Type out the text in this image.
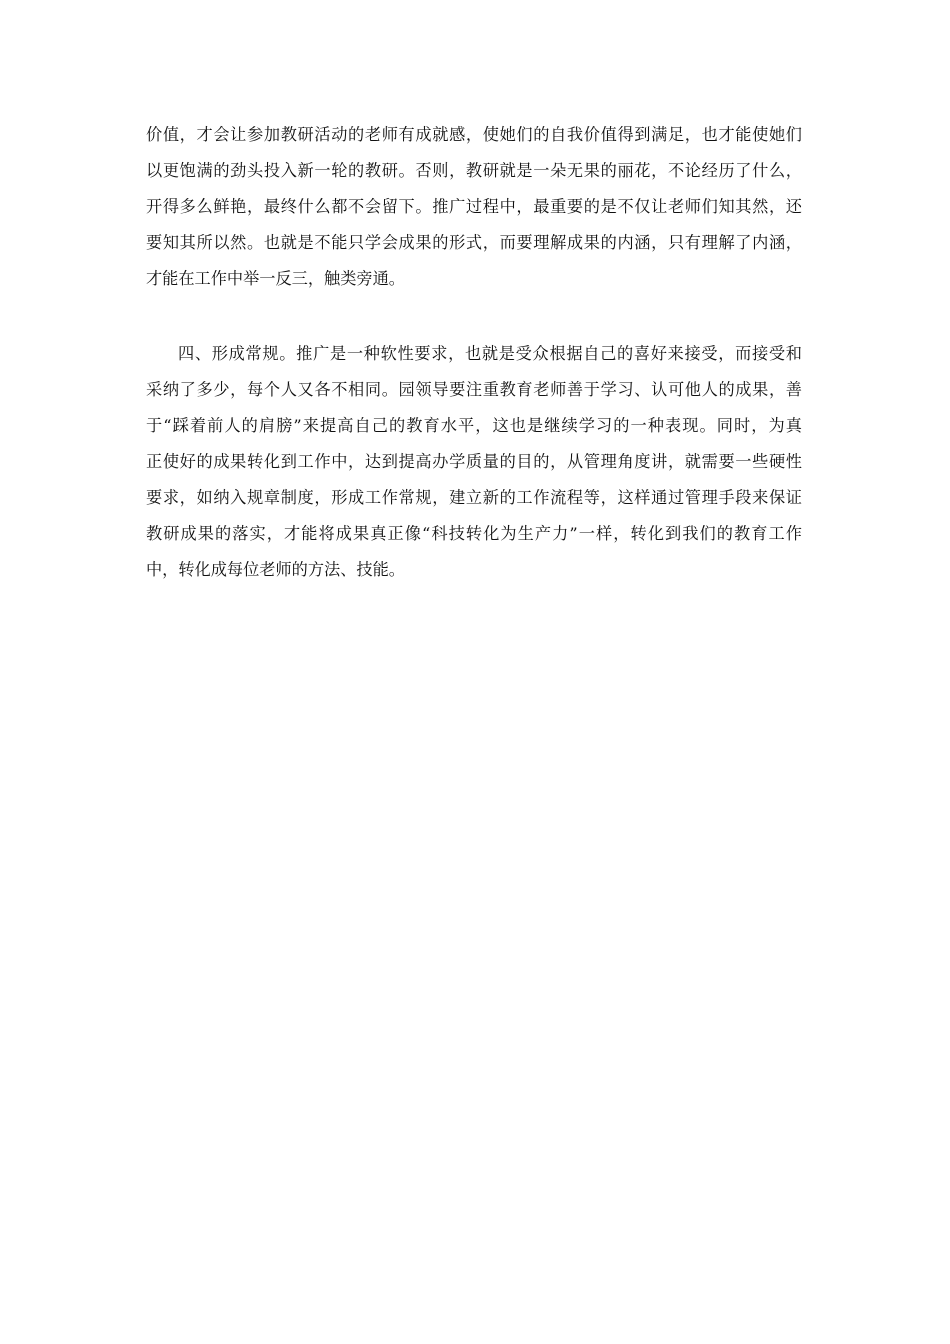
价值，才会让参加教研活动的老师有成就感，使她们的自我价值得到满足，也才能使她们
以更饱满的劲头投入新一轮的教研。否则，教研就是一朵无果的丽花，不论经历了什么，
开得多么鲜艳，最终什么都不会留下。推广过程中，最重要的是不仅让老师们知其然，还
要知其所以然。也就是不能只学会成果的形式，而要理解成果的内涵，只有理解了内涵，
才能在工作中举一反三，触类旁通。
四、形成常规。推广是一种软性要求，也就是受众根据自己的喜好来接受，而接受和
采纳了多少，每个人又各不相同。园领导要注重教育老师善于学习、认可他人的成果，善
于“踩着前人的肩膀”来提高自己的教育水平，这也是继续学习的一种表现。同时，为真
正使好的成果转化到工作中，达到提高办学质量的目的，从管理角度讲，就需要一些硬性
要求，如纳入规章制度，形成工作常规，建立新的工作流程等，这样通过管理手段来保证
教研成果的落实，才能将成果真正像“科技转化为生产力”一样，转化到我们的教育工作
中，转化成每位老师的方法、技能。
